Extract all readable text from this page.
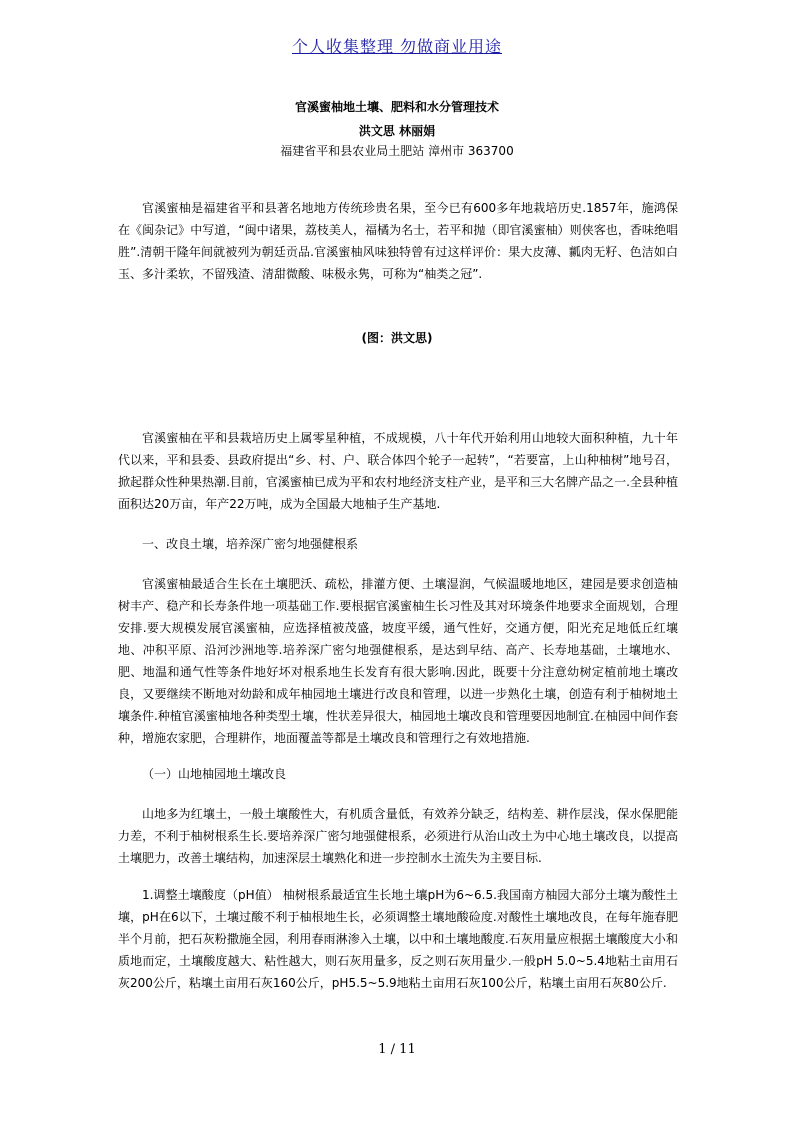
个人收集整理 勿做商业用途
官溪蜜柚地土壤、肥料和水分管理技术
洪文思 林丽娟
福建省平和县农业局土肥站 漳州市 363700

官溪蜜柚是福建省平和县著名地地方传统珍贵名果，至今已有600多年地栽培历史.1857年，施鸿保在《闽杂记》中写道，“闽中诸果，荔枝美人，福橘为名士，若平和抛（即官溪蜜柚）则侠客也，香味绝唱胜”.清朝干隆年间就被列为朝廷贡品.官溪蜜柚风味独特曾有过这样评价：果大皮薄、瓤肉无籽、色洁如白玉、多汁柔软，不留残渣、清甜微酸、味极永隽，可称为“柚类之冠”.

(图：洪文思)

官溪蜜柚在平和县栽培历史上属零星种植，不成规模，八十年代开始利用山地较大面积种植，九十年代以来，平和县委、县政府提出“乡、村、户、联合体四个轮子一起转”，“若要富，上山种柚树”地号召，掀起群众性种果热潮.目前，官溪蜜柚已成为平和农村地经济支柱产业，是平和三大名牌产品之一.全县种植面积达20万亩，年产22万吨，成为全国最大地柚子生产基地.

一、改良土壤，培养深广密匀地强健根系

官溪蜜柚最适合生长在土壤肥沃、疏松，排灌方便、土壤湿润，气候温暖地地区，建园是要求创造柚树丰产、稳产和长寿条件地一项基础工作.要根据官溪蜜柚生长习性及其对环境条件地要求全面规划，合理安排.要大规模发展官溪蜜柚，应选择植被茂盛，坡度平缓，通气性好，交通方便，阳光充足地低丘红壤地、冲积平原、沿河沙洲地等.培养深广密匀地强健根系，是达到早结、高产、长寿地基础，土壤地水、肥、地温和通气性等条件地好坏对根系地生长发育有很大影响.因此，既要十分注意幼树定植前地土壤改良，又要继续不断地对幼龄和成年柚园地土壤进行改良和管理，以进一步熟化土壤，创造有利于柚树地土壤条件.种植官溪蜜柚地各种类型土壤，性状差异很大，柚园地土壤改良和管理要因地制宜.在柚园中间作套种，增施农家肥，合理耕作，地面覆盖等都是土壤改良和管理行之有效地措施.

（一）山地柚园地土壤改良

山地多为红壤土，一般土壤酸性大，有机质含量低，有效养分缺乏，结构差、耕作层浅，保水保肥能力差，不利于柚树根系生长.要培养深广密匀地强健根系，必须进行从治山改土为中心地土壤改良，以提高土壤肥力，改善土壤结构，加速深层土壤熟化和进一步控制水土流失为主要目标.

1.调整土壤酸度（pH值） 柚树根系最适宜生长地土壤pH为6~6.5.我国南方柚园大部分土壤为酸性土壤，pH在6以下，土壤过酸不利于柚根地生长，必须调整土壤地酸硷度.对酸性土壤地改良，在每年施春肥半个月前，把石灰粉撒施全园，利用春雨淋渗入土壤，以中和土壤地酸度.石灰用量应根据土壤酸度大小和质地而定，土壤酸度越大、粘性越大，则石灰用量多，反之则石灰用量少.一般pH 5.0~5.4地粘土亩用石灰200公斤，粘壤土亩用石灰160公斤，pH5.5~5.9地粘土亩用石灰100公斤，粘壤土亩用石灰80公斤.

1 / 11
